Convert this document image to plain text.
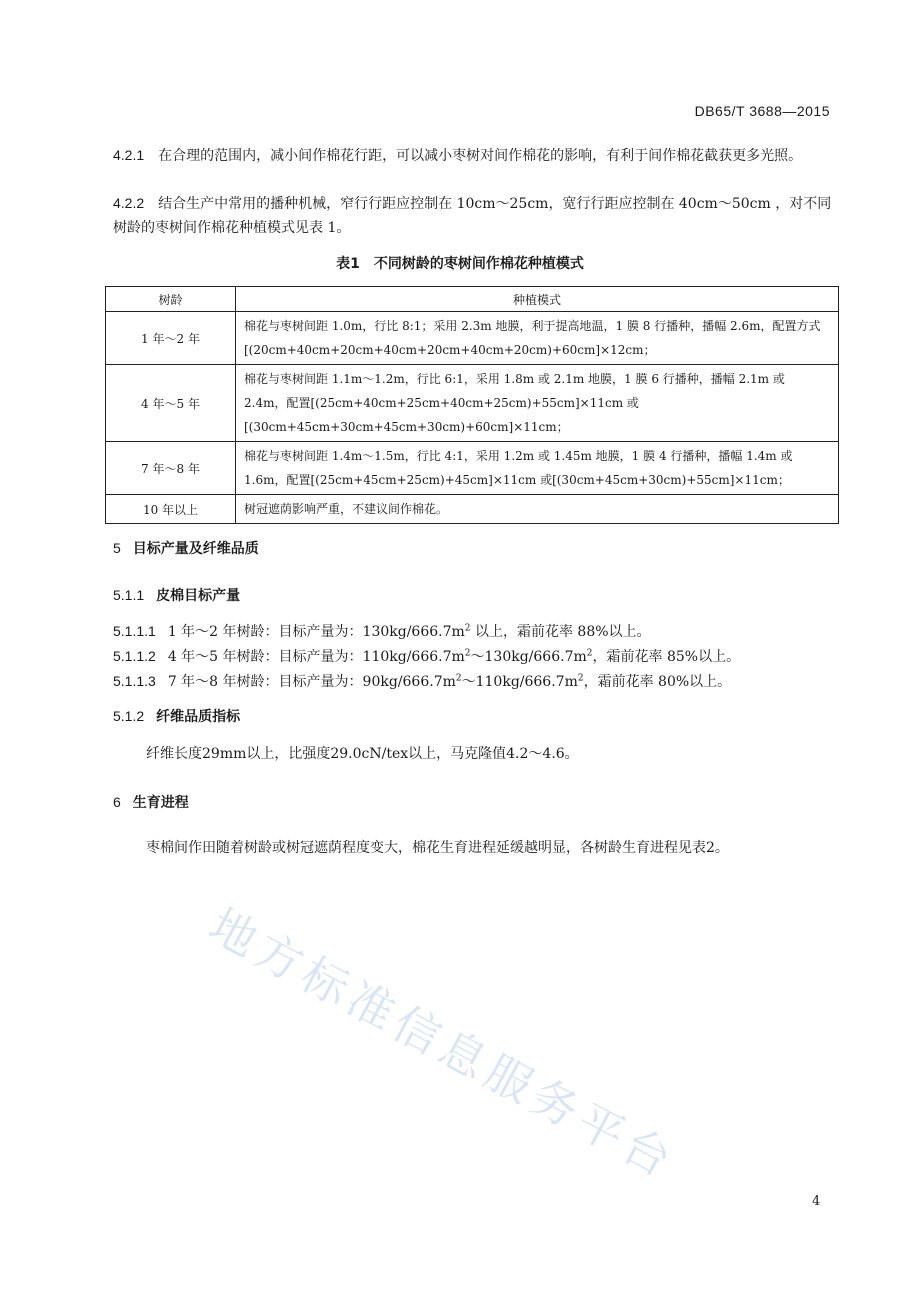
DB65/T 3688—2015
4.2.1 在合理的范围内，减小间作棉花行距，可以减小枣树对间作棉花的影响，有利于间作棉花截获更多光照。
4.2.2 结合生产中常用的播种机械，窄行行距应控制在 10cm～25cm，宽行行距应控制在 40cm～50cm ，对不同树龄的枣树间作棉花种植模式见表 1。
表1　不同树龄的枣树间作棉花种植模式
树龄	种植模式
1 年～2 年	棉花与枣树间距 1.0m，行比 8:1；采用 2.3m 地膜，利于提高地温，1 膜 8 行播种，播幅 2.6m，配置方式[(20cm+40cm+20cm+40cm+20cm+40cm+20cm)+60cm]×12cm；
4 年～5 年	棉花与枣树间距 1.1m～1.2m，行比 6:1，采用 1.8m 或 2.1m 地膜，1 膜 6 行播种，播幅 2.1m 或 2.4m，配置[(25cm+40cm+25cm+40cm+25cm)+55cm]×11cm 或[(30cm+45cm+30cm+45cm+30cm)+60cm]×11cm；
7 年～8 年	棉花与枣树间距 1.4m～1.5m，行比 4:1，采用 1.2m 或 1.45m 地膜，1 膜 4 行播种，播幅 1.4m 或 1.6m，配置[(25cm+45cm+25cm)+45cm]×11cm 或[(30cm+45cm+30cm)+55cm]×11cm；
10 年以上	树冠遮荫影响严重，不建议间作棉花。
5 目标产量及纤维品质
5.1.1 皮棉目标产量
5.1.1.1 1 年～2 年树龄：目标产量为：$130kg/666.7m^2$ 以上，霜前花率 88%以上。
5.1.1.2 4 年～5 年树龄：目标产量为：$110kg/666.7m^2\sim 130kg/666.7m^2$，霜前花率 85%以上。
5.1.1.3 7 年～8 年树龄：目标产量为：$90kg/666.7m^2\sim 110kg/666.7m^2$，霜前花率 80%以上。
5.1.2 纤维品质指标
纤维长度29mm以上，比强度29.0cN/tex以上，马克隆值4.2～4.6。
6 生育进程
枣棉间作田随着树龄或树冠遮荫程度变大，棉花生育进程延缓越明显，各树龄生育进程见表2。
地方标准信息服务平台
4
